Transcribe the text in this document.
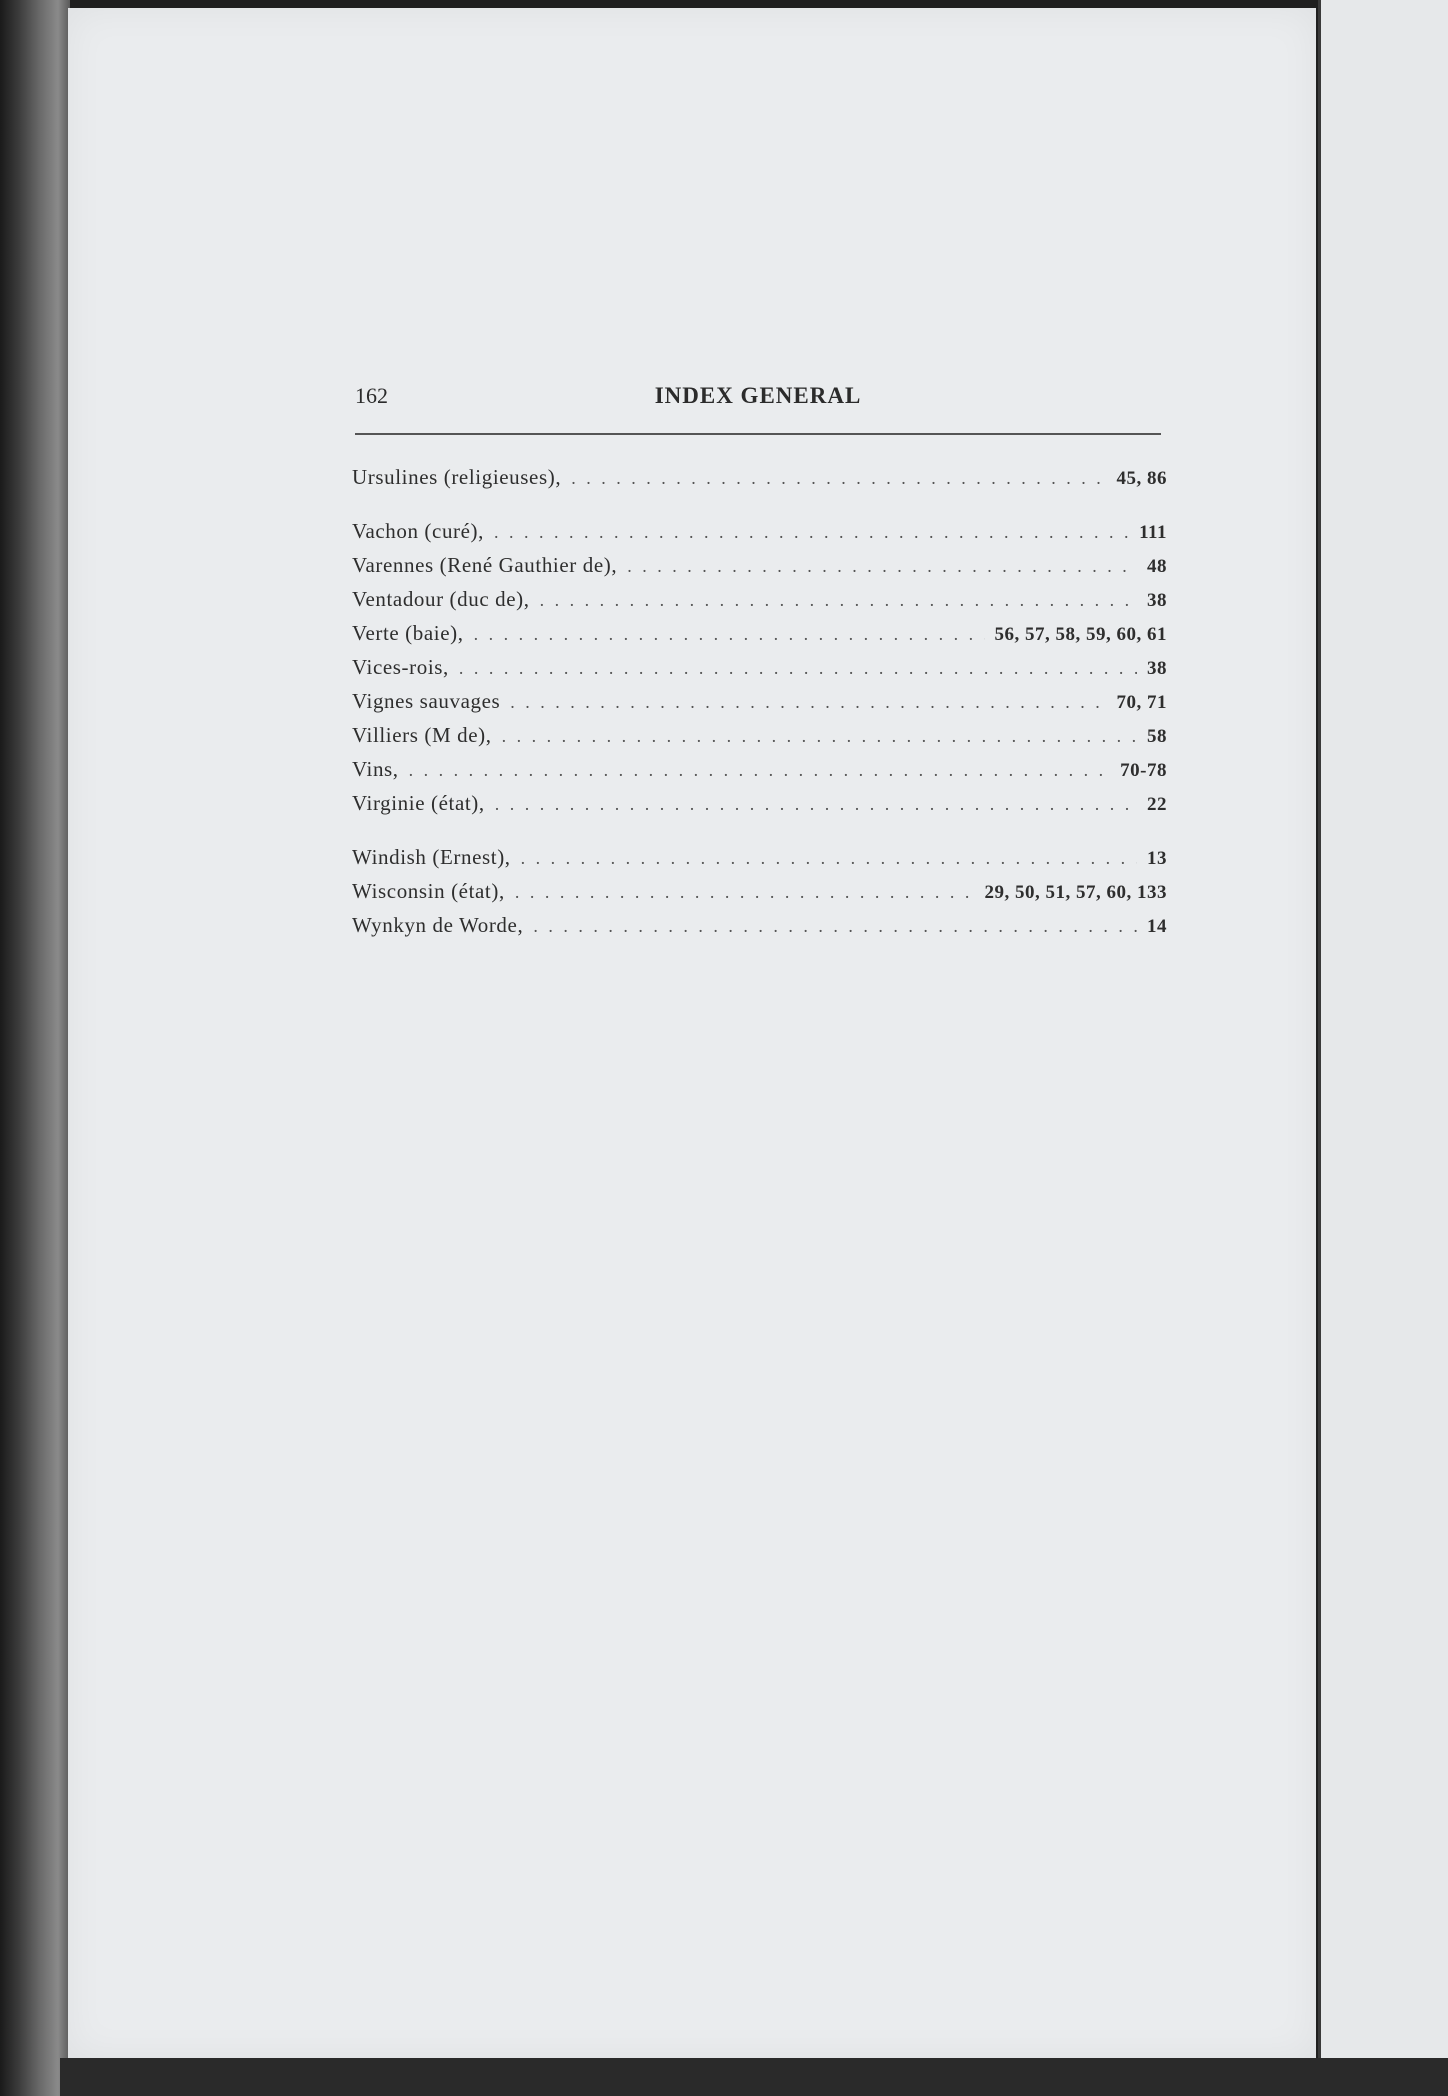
162	INDEX GENERAL
Ursulines (religieuses), . . .	45, 86
Vachon (curé), . . .	111
Varennes (René Gauthier de), . . .	48
Ventadour (duc de), . . .	38
Verte (baie), . . .	56, 57, 58, 59, 60, 61
Vices-rois, . . .	38
Vignes sauvages . . .	70, 71
Villiers (M de), . . .	58
Vins, . . .	70-78
Virginie (état), . . .	22
Windish (Ernest), . . .	13
Wisconsin (état), . . .	29, 50, 51, 57, 60, 133
Wynkyn de Worde, . . .	14
